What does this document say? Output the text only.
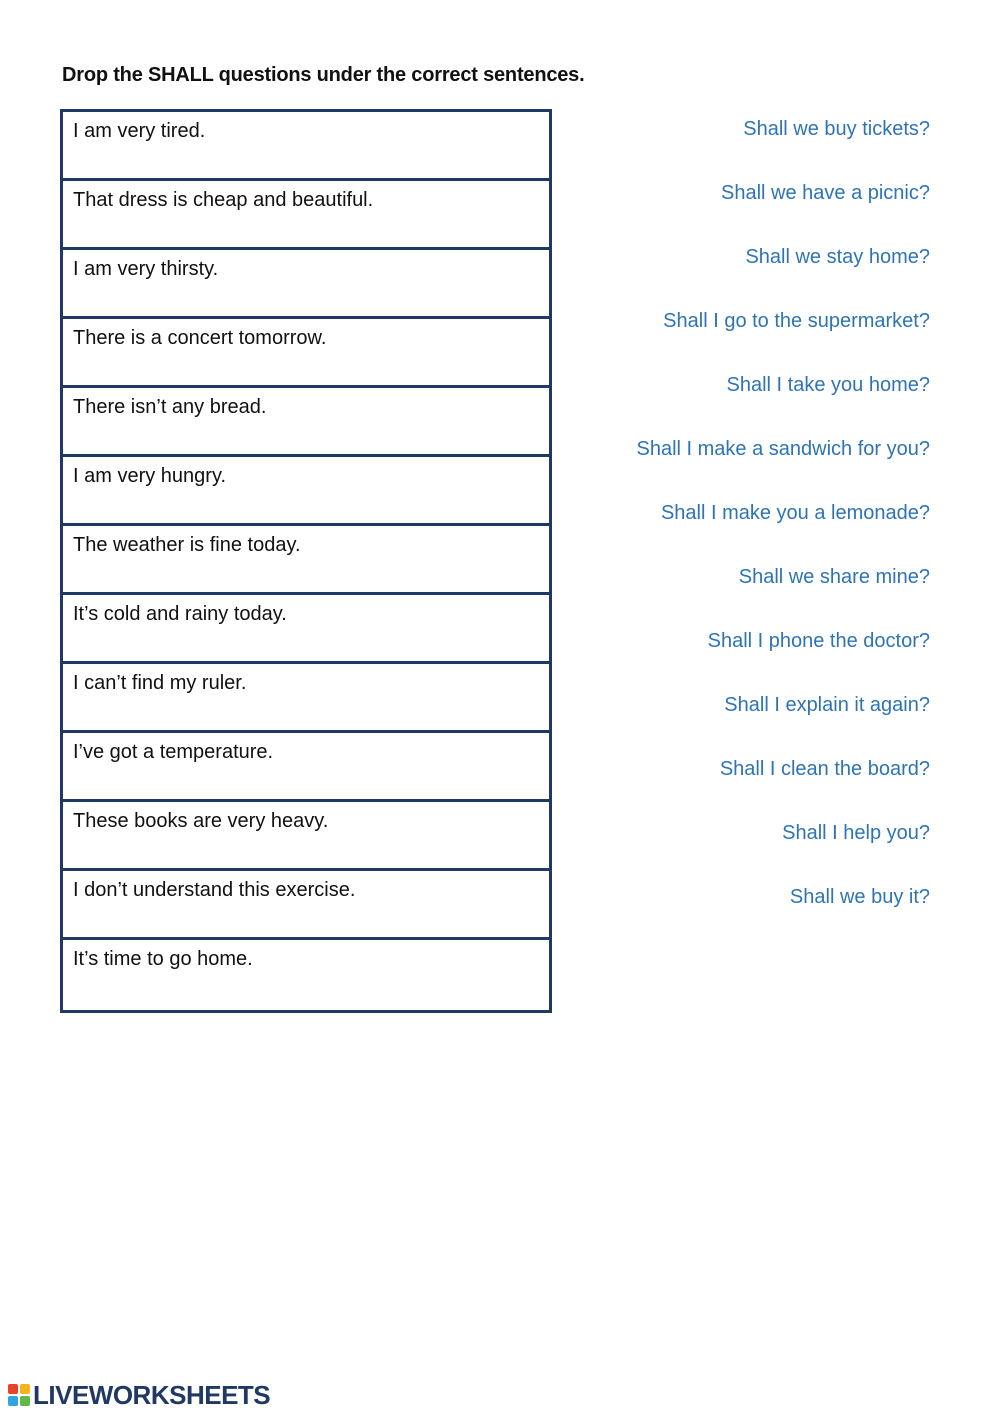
Drop the SHALL questions under the correct sentences.
I am very tired.
That dress is cheap and beautiful.
I am very thirsty.
There is a concert tomorrow.
There isn’t any bread.
I am very hungry.
The weather is fine today.
It’s cold and rainy today.
I can’t find my ruler.
I’ve got a temperature.
These books are very heavy.
I don’t understand this exercise.
It’s time to go home.
Shall we buy tickets?
Shall we have a picnic?
Shall we stay home?
Shall I go to the supermarket?
Shall I take you home?
Shall I make a sandwich for you?
Shall I make you a lemonade?
Shall we share mine?
Shall I phone the doctor?
Shall I explain it again?
Shall I clean the board?
Shall I help you?
Shall we buy it?
LIVEWORKSHEETS
